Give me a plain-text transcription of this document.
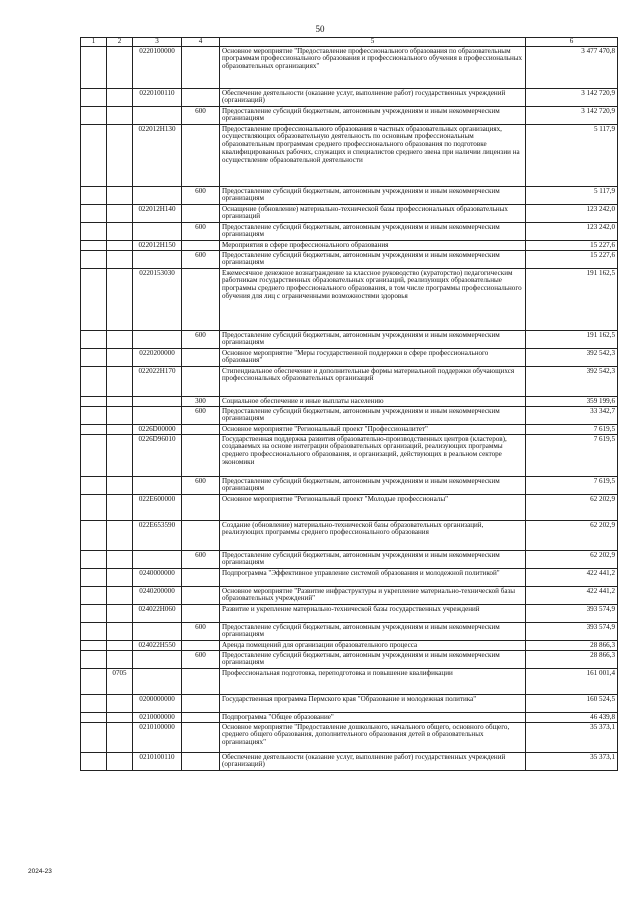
50
1	2	3	4	5	6
		0220100000		Основное мероприятие "Предоставление профессионального образования по образовательным программам профессионального образования и профессионального обучения в профессиональных образовательных организациях"	3 477 470,8
		0220100110		Обеспечение деятельности (оказание услуг, выполнение работ) государственных учреждений (организаций)	3 142 720,9
			600	Предоставление субсидий бюджетным, автономным учреждениям и иным некоммерческим организациям	3 142 720,9
		022012Н130		Предоставление профессионального образования в частных образовательных организациях, осуществляющих образовательную деятельность по основным профессиональным образовательным программам среднего профессионального образования по подготовке квалифицированных рабочих, служащих и специалистов среднего звена при наличии лицензии на осуществление образовательной деятельности	5 117,9
			600	Предоставление субсидий бюджетным, автономным учреждениям и иным некоммерческим организациям	5 117,9
		022012Н140		Оснащение (обновление) материально-технической базы профессиональных образовательных организаций	123 242,0
			600	Предоставление субсидий бюджетным, автономным учреждениям и иным некоммерческим организациям	123 242,0
		022012Н150		Мероприятия в сфере профессионального образования	15 227,6
			600	Предоставление субсидий бюджетным, автономным учреждениям и иным некоммерческим организациям	15 227,6
		0220153030		Ежемесячное денежное вознаграждение за классное руководство (кураторство) педагогическим работникам государственных образовательных организаций, реализующих образовательные программы среднего профессионального образования, в том числе программы профессионального обучения для лиц с ограниченными возможностями здоровья	191 162,5
			600	Предоставление субсидий бюджетным, автономным учреждениям и иным некоммерческим организациям	191 162,5
		0220200000		Основное мероприятие "Меры государственной поддержки в сфере профессионального образования"	392 542,3
		022022Н170		Стипендиальное обеспечение и дополнительные формы материальной поддержки обучающихся профессиональных образовательных организаций	392 542,3
			300	Социальное обеспечение и иные выплаты населению	359 199,6
			600	Предоставление субсидий бюджетным, автономным учреждениям и иным некоммерческим организациям	33 342,7
		0226D00000		Основное мероприятие "Региональный проект "Профессионалитет"	7 619,5
		0226D96010		Государственная поддержка развития образовательно-производственных центров (кластеров), создаваемых на основе интеграции образовательных организаций, реализующих программы среднего профессионального образования, и организаций, действующих в реальном секторе экономики	7 619,5
			600	Предоставление субсидий бюджетным, автономным учреждениям и иным некоммерческим организациям	7 619,5
		022Е600000		Основное мероприятие "Региональный проект "Молодые профессионалы"	62 202,9
		022Е653590		Создание (обновление) материально-технической базы образовательных организаций, реализующих программы среднего профессионального образования	62 202,9
			600	Предоставление субсидий бюджетным, автономным учреждениям и иным некоммерческим организациям	62 202,9
		0240000000		Подпрограмма "Эффективное управление системой образования и молодежной политикой"	422 441,2
		0240200000		Основное мероприятие "Развитие инфраструктуры и укрепление материально-технической базы образовательных учреждений"	422 441,2
		024022Н060		Развитие и укрепление материально-технической базы государственных учреждений	393 574,9
			600	Предоставление субсидий бюджетным, автономным учреждениям и иным некоммерческим организациям	393 574,9
		024022Н550		Аренда помещений для организации образовательного процесса	28 866,3
			600	Предоставление субсидий бюджетным, автономным учреждениям и иным некоммерческим организациям	28 866,3
	0705			Профессиональная подготовка, переподготовка и повышение квалификации	161 001,4
		0200000000		Государственная программа Пермского края "Образование и молодежная политика"	160 524,5
		0210000000		Подпрограмма "Общее образование"	46 439,8
		0210100000		Основное мероприятие "Предоставление дошкольного, начального общего, основного общего, среднего общего образования, дополнительного образования детей в образовательных организациях"	35 373,1
		0210100110		Обеспечение деятельности (оказание услуг, выполнение работ) государственных учреждений (организаций)	35 373,1
2024-23
